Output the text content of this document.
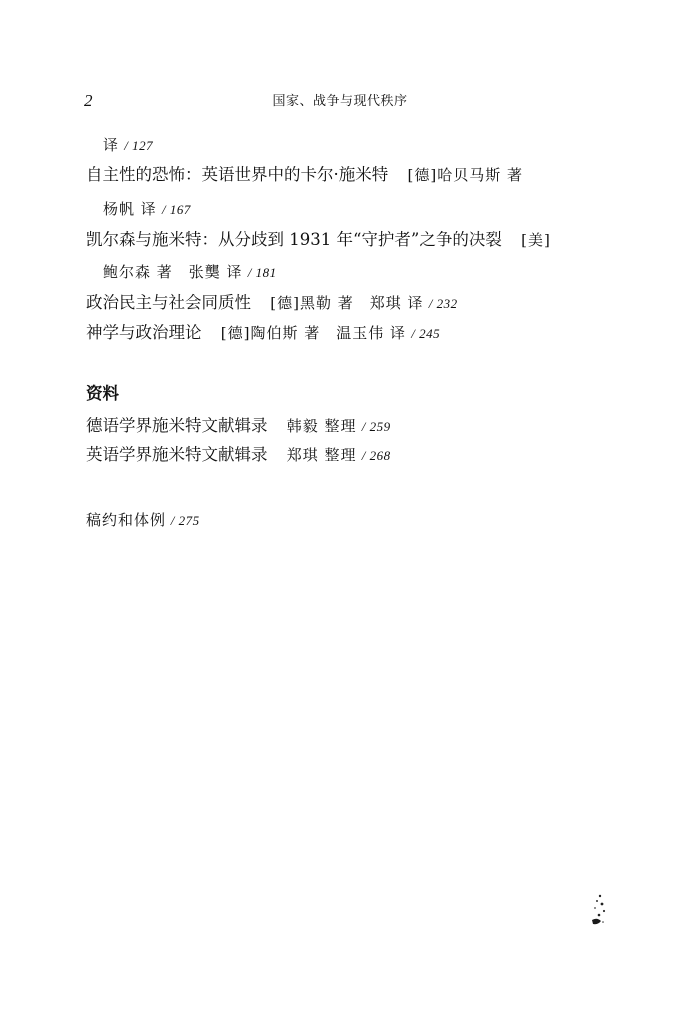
2	国家、战争与现代秩序
译 / 127
自主性的恐怖：英语世界中的卡尔·施米特 [德]哈贝马斯 著
杨帆 译 / 167
凯尔森与施米特：从分歧到 1931 年“守护者”之争的决裂 [美]
鲍尔森 著　张龑 译 / 181
政治民主与社会同质性 [德]黑勒 著　郑琪 译 / 232
神学与政治理论 [德]陶伯斯 著　温玉伟 译 / 245
资料
德语学界施米特文献辑录 韩毅 整理 / 259
英语学界施米特文献辑录 郑琪 整理 / 268
稿约和体例 / 275
